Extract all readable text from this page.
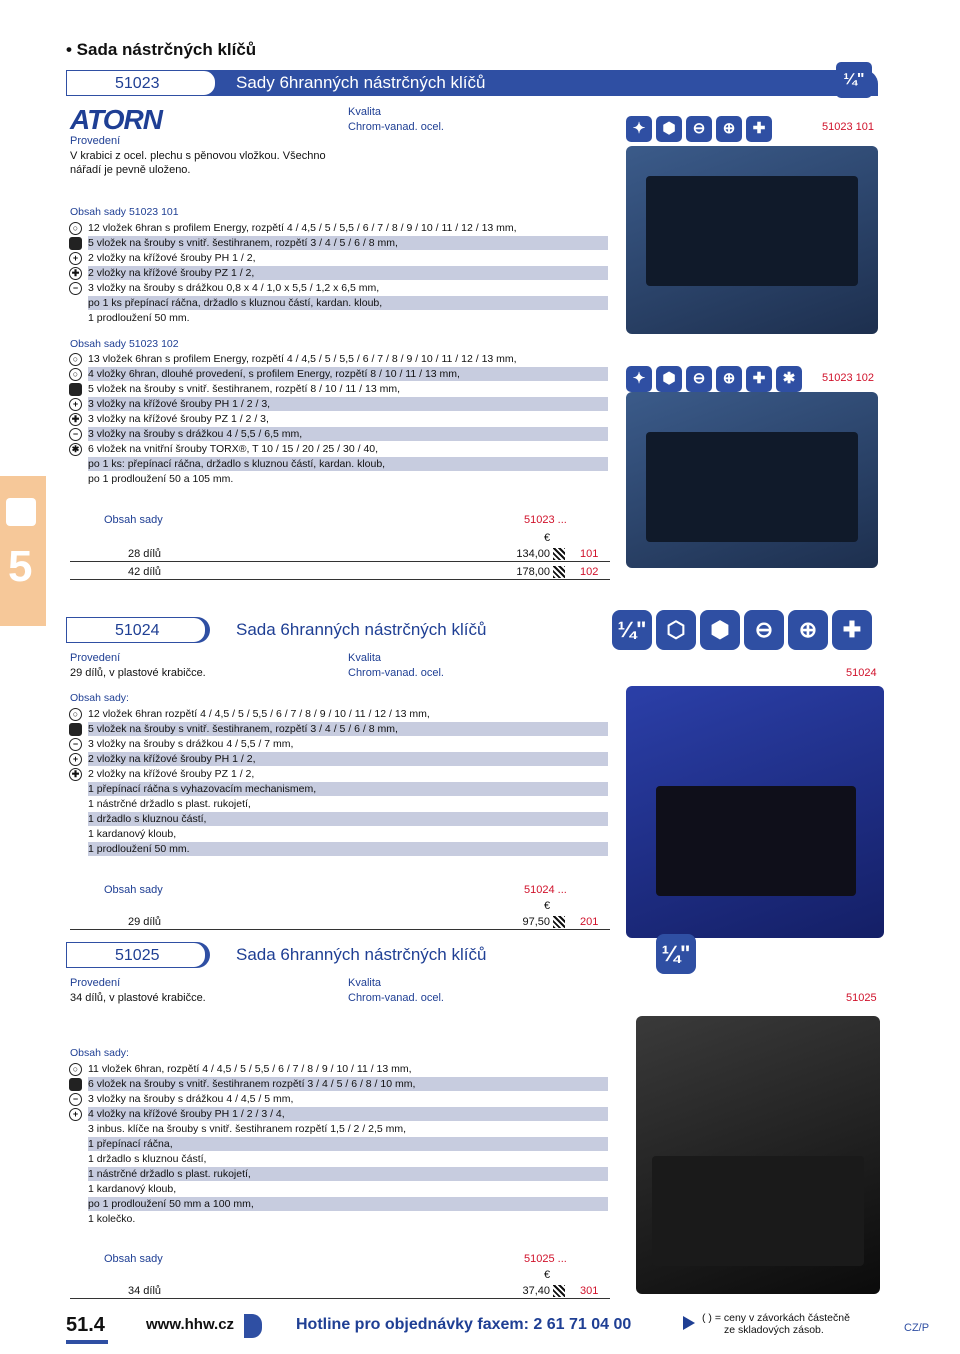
• Sada nástrčných klíčů
5
51023	Sady 6hranných nástrčných klíčů	¼"
ATORN
Provedení
V krabici z ocel. plechu s pěnovou vložkou. Všechno
nářadí je pevně uloženo.
Kvalita
Chrom-vanad. ocel.	✦	⬢	⊖	⊕	✚	51023 101
Obsah sady 51023 101
○ 12 vložek 6hran s profilem Energy, rozpětí 4 / 4,5 / 5 / 5,5 / 6 / 7 / 8 / 9 / 10 / 11 / 12 / 13 mm,
5 vložek na šrouby s vnitř. šestihranem, rozpětí 3 / 4 / 5 / 6 / 8 mm,
+ 2 vložky na křížové šrouby PH 1 / 2,
✚ 2 vložky na křížové šrouby PZ 1 / 2,
− 3 vložky na šrouby s drážkou 0,8 x 4 / 1,0 x 5,5 / 1,2 x 6,5 mm,
po 1 ks přepínací ráčna, držadlo s kluznou částí, kardan. kloub,
1 prodloužení 50 mm.
✦	⬢	⊖	⊕	✚	✱	51023 102
Obsah sady 51023 102
○ 13 vložek 6hran s profilem Energy, rozpětí 4 / 4,5 / 5 / 5,5 / 6 / 7 / 8 / 9 / 10 / 11 / 12 / 13 mm,
○ 4 vložky 6hran, dlouhé provedení, s profilem Energy, rozpětí 8 / 10 / 11 / 13 mm,
5 vložek na šrouby s vnitř. šestihranem, rozpětí 8 / 10 / 11 / 13 mm,
+ 3 vložky na křížové šrouby PH 1 / 2 / 3,
✚ 3 vložky na křížové šrouby PZ 1 / 2 / 3,
− 3 vložky na šrouby s drážkou 4 / 5,5 / 6,5 mm,
✱ 6 vložek na vnitřní šrouby TORX®, T 10 / 15 / 20 / 25 / 30 / 40,
po 1 ks: přepínací ráčna, držadlo s kluznou částí, kardan. kloub,
po 1 prodloužení 50 a 105 mm.
Obsah sady	51023 ...
€
28 dílů	134,00	101
42 dílů	178,00	102
51024	Sada 6hranných nástrčných klíčů	¼" ⬡	⬢	⊖	⊕	✚
Provedení
29 dílů, v plastové krabičce.
Kvalita
Chrom-vanad. ocel.	51024
Obsah sady:
○ 12 vložek 6hran rozpětí 4 / 4,5 / 5 / 5,5 / 6 / 7 / 8 / 9 / 10 / 11 / 12 / 13 mm,
5 vložek na šrouby s vnitř. šestihranem, rozpětí 3 / 4 / 5 / 6 / 8 mm,
− 3 vložky na šrouby s drážkou 4 / 5,5 / 7 mm,
+ 2 vložky na křížové šrouby PH 1 / 2,
✚ 2 vložky na křížové šrouby PZ 1 / 2,
1 přepínací ráčna s vyhazovacím mechanismem,
1 nástrčné držadlo s plast. rukojetí,
1 držadlo s kluznou částí,
1 kardanový kloub,
1 prodloužení 50 mm.
Obsah sady	51024 ...
€
29 dílů	97,50	201
51025	Sada 6hranných nástrčných klíčů	¼"
Provedení
34 dílů, v plastové krabičce.
Kvalita
Chrom-vanad. ocel.	51025
Obsah sady:
○ 11 vložek 6hran, rozpětí 4 / 4,5 / 5 / 5,5 / 6 / 7 / 8 / 9 / 10 / 11 / 13 mm,
6 vložek na šrouby s vnitř. šestihranem rozpětí 3 / 4 / 5 / 6 / 8 / 10 mm,
− 3 vložky na šrouby s drážkou 4 / 4,5 / 5 mm,
+ 4 vložky na křížové šrouby PH 1 / 2 / 3 / 4,
3 inbus. klíče na šrouby s vnitř. šestihranem rozpětí 1,5 / 2 / 2,5 mm,
1 přepínací ráčna,
1 držadlo s kluznou částí,
1 nástrčné držadlo s plast. rukojetí,
1 kardanový kloub,
po 1 prodloužení 50 mm a 100 mm,
1 kolečko.
Obsah sady	51025 ...
€
34 dílů	37,40	301
51.4	www.hhw.cz	Hotline pro objednávky faxem: 2 61 71 04 00	( ) = ceny v závorkách částečně
ze skladových zásob.	CZ/P
